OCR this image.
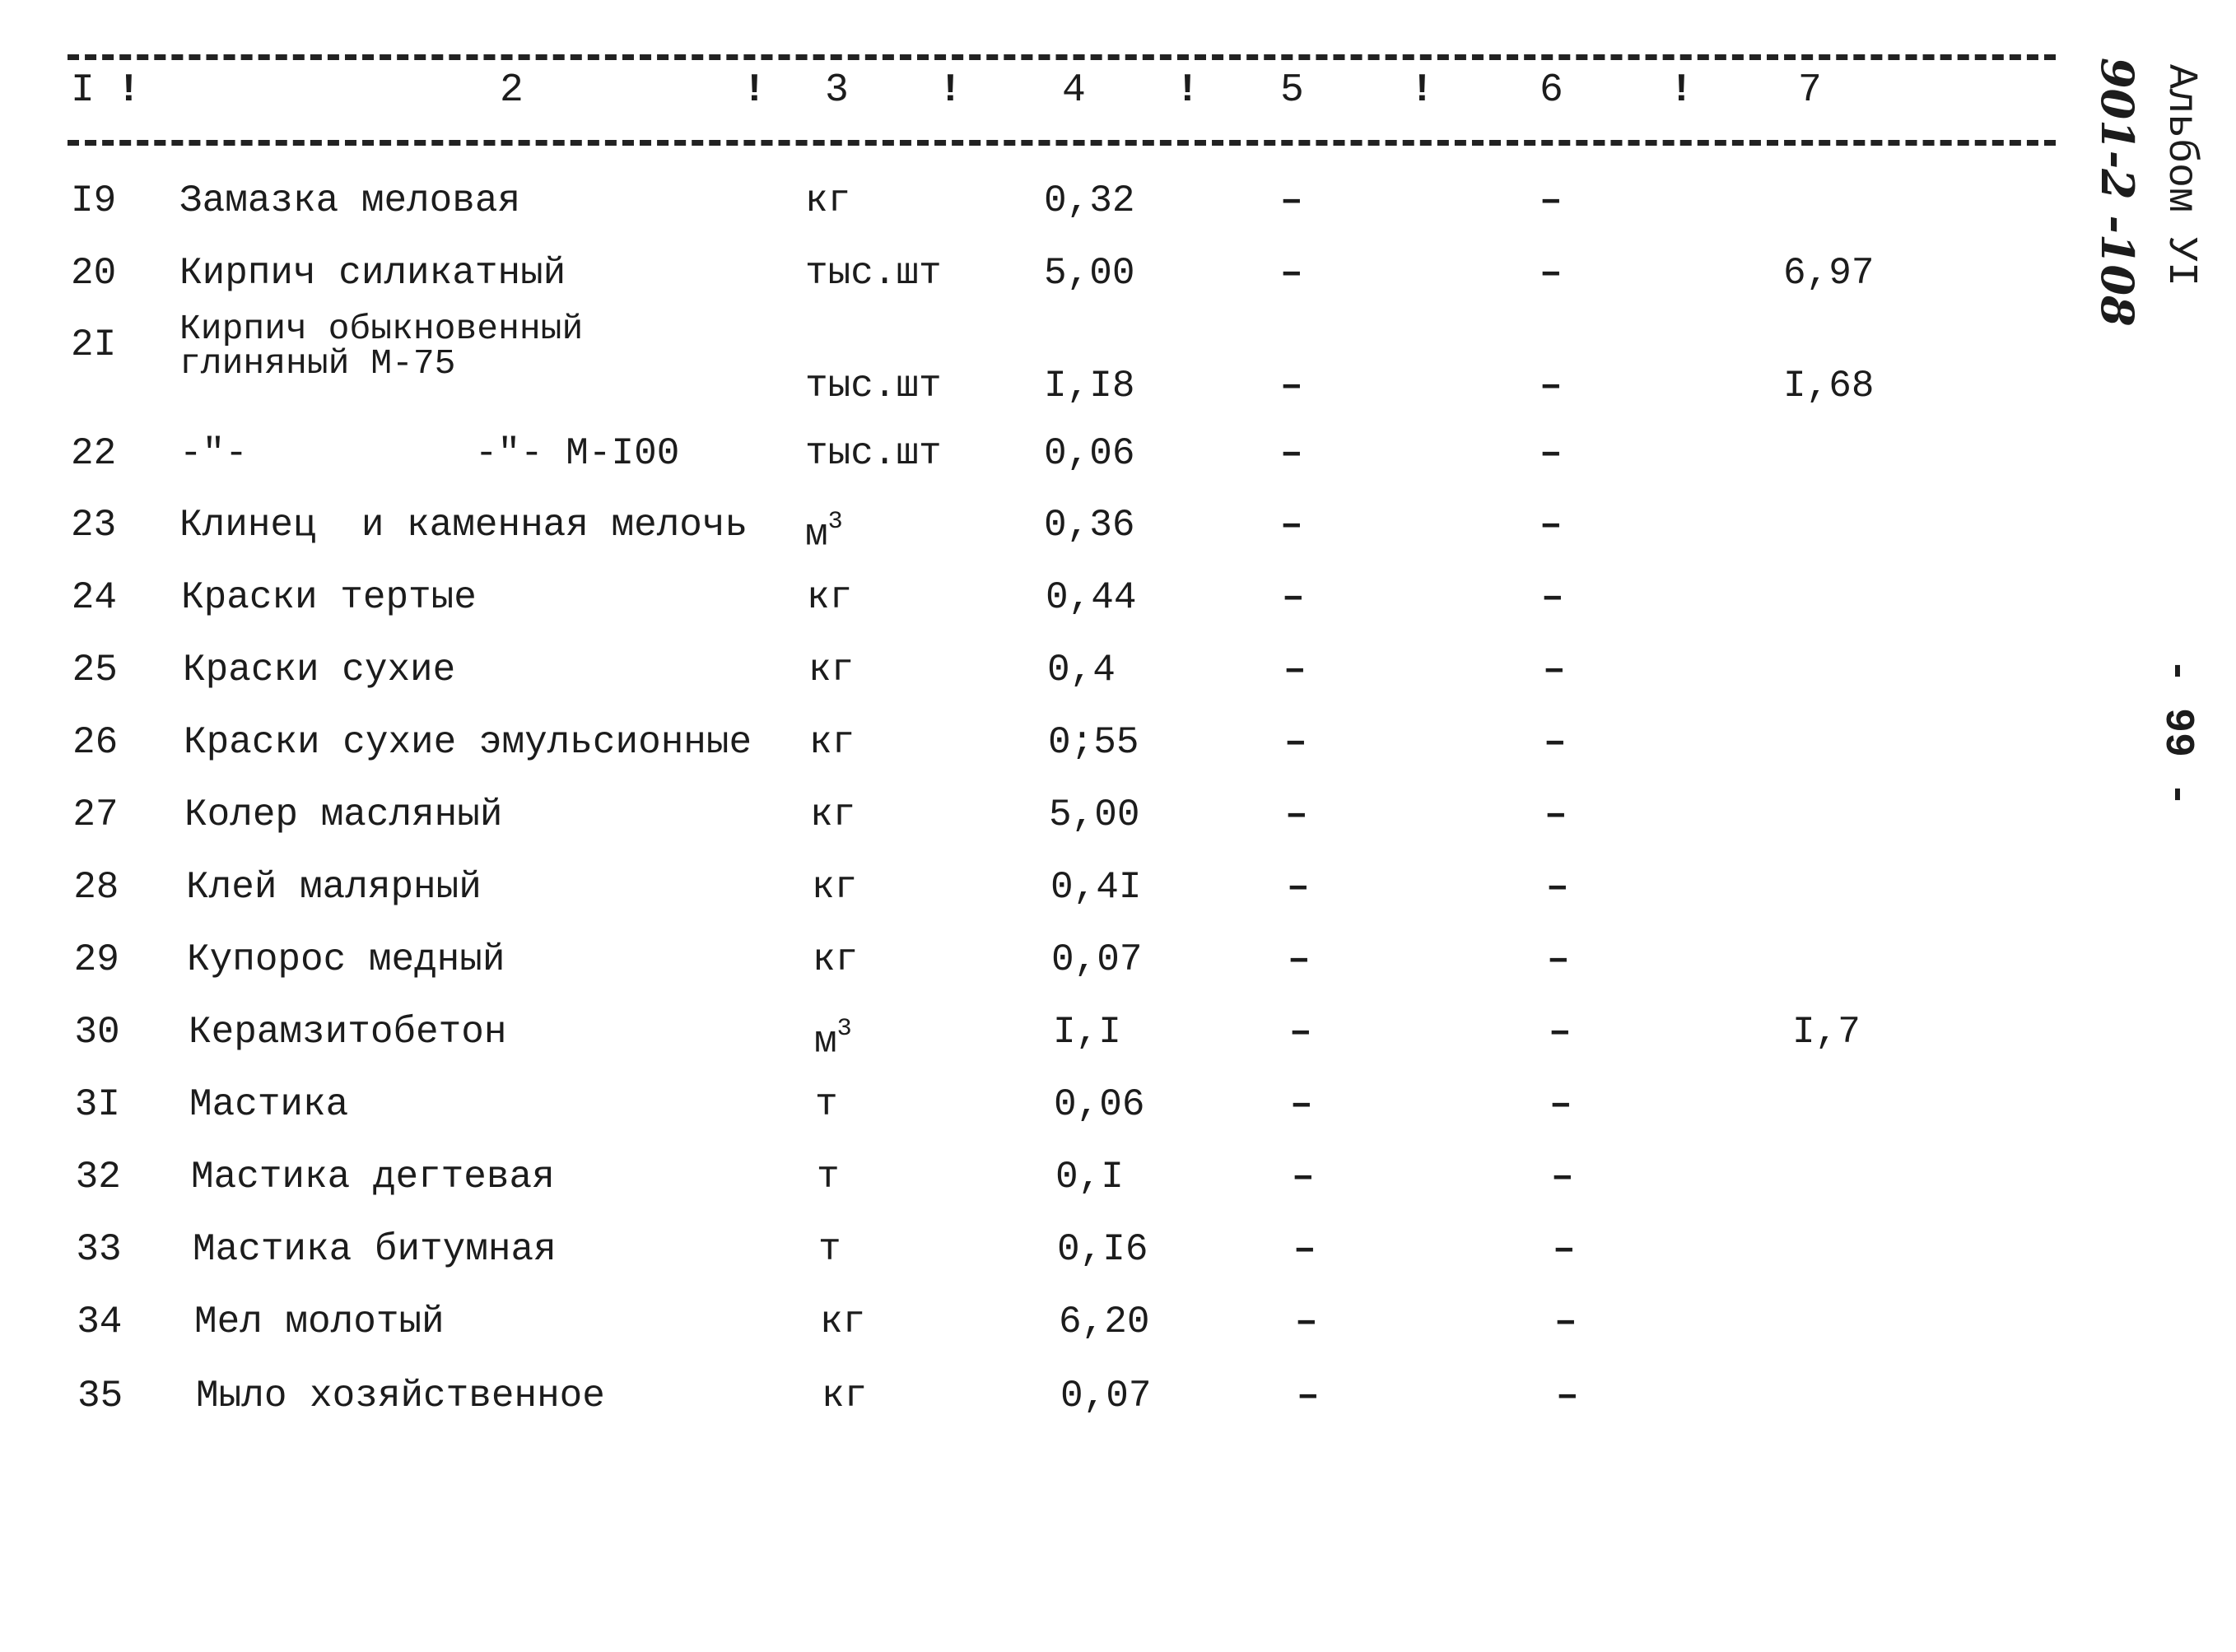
I !	2	! 3 !	4 ! 5	!	6	!	7
I9 Замазка меловая	кг	0,32	–	–
20 Кирпич силикатный	тыс.шт	5,00	–	–	6,97
2I Кирпич обыкновенный
глиняный М-75
тыс.шт	I,I8	–	–	I,68
22 -"-          -"- М-I00	тыс.шт	0,06	–	–
23 Клинец  и каменная мелочь $м^3$	0,36	–	–
24 Краски тертые	кг	0,44	–	–
25 Краски сухие	кг	0,4	–	–
26 Краски сухие эмульсионные кг	0;55	–	–
27 Колер масляный	кг	5,00	–	–
28 Клей малярный	кг	0,4I	–	–
29 Купорос медный	кг	0,07	–	–
30 Керамзитобетон	$м^3$	I,I	–	–	I,7
3I Мастика	т	0,06	–	–
32 Мастика дегтевая	т	0,I	–	–
33 Мастика битумная	т	0,I6	–	–
34 Мел молотый	кг	6,20	–	–
35 Мыло хозяйственное	кг	0,07	–	–
Альбом УI
901-2 -108
- 99 -
